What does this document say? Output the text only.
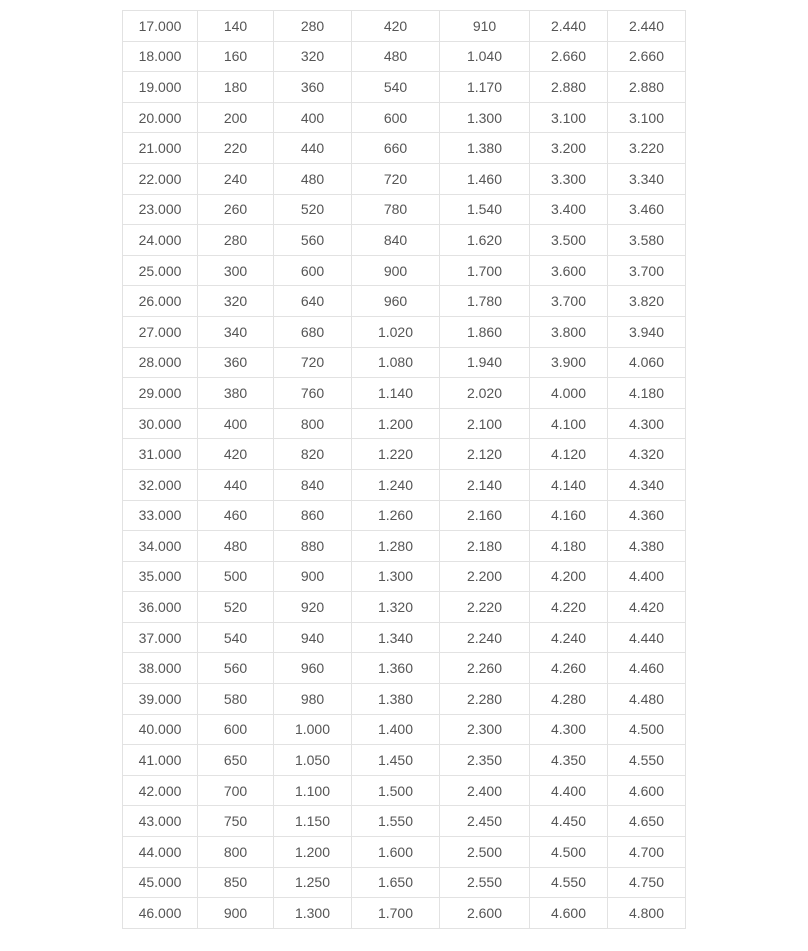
17.000	140	280	420	910	2.440	2.440
18.000	160	320	480	1.040	2.660	2.660
19.000	180	360	540	1.170	2.880	2.880
20.000	200	400	600	1.300	3.100	3.100
21.000	220	440	660	1.380	3.200	3.220
22.000	240	480	720	1.460	3.300	3.340
23.000	260	520	780	1.540	3.400	3.460
24.000	280	560	840	1.620	3.500	3.580
25.000	300	600	900	1.700	3.600	3.700
26.000	320	640	960	1.780	3.700	3.820
27.000	340	680	1.020	1.860	3.800	3.940
28.000	360	720	1.080	1.940	3.900	4.060
29.000	380	760	1.140	2.020	4.000	4.180
30.000	400	800	1.200	2.100	4.100	4.300
31.000	420	820	1.220	2.120	4.120	4.320
32.000	440	840	1.240	2.140	4.140	4.340
33.000	460	860	1.260	2.160	4.160	4.360
34.000	480	880	1.280	2.180	4.180	4.380
35.000	500	900	1.300	2.200	4.200	4.400
36.000	520	920	1.320	2.220	4.220	4.420
37.000	540	940	1.340	2.240	4.240	4.440
38.000	560	960	1.360	2.260	4.260	4.460
39.000	580	980	1.380	2.280	4.280	4.480
40.000	600	1.000	1.400	2.300	4.300	4.500
41.000	650	1.050	1.450	2.350	4.350	4.550
42.000	700	1.100	1.500	2.400	4.400	4.600
43.000	750	1.150	1.550	2.450	4.450	4.650
44.000	800	1.200	1.600	2.500	4.500	4.700
45.000	850	1.250	1.650	2.550	4.550	4.750
46.000	900	1.300	1.700	2.600	4.600	4.800
